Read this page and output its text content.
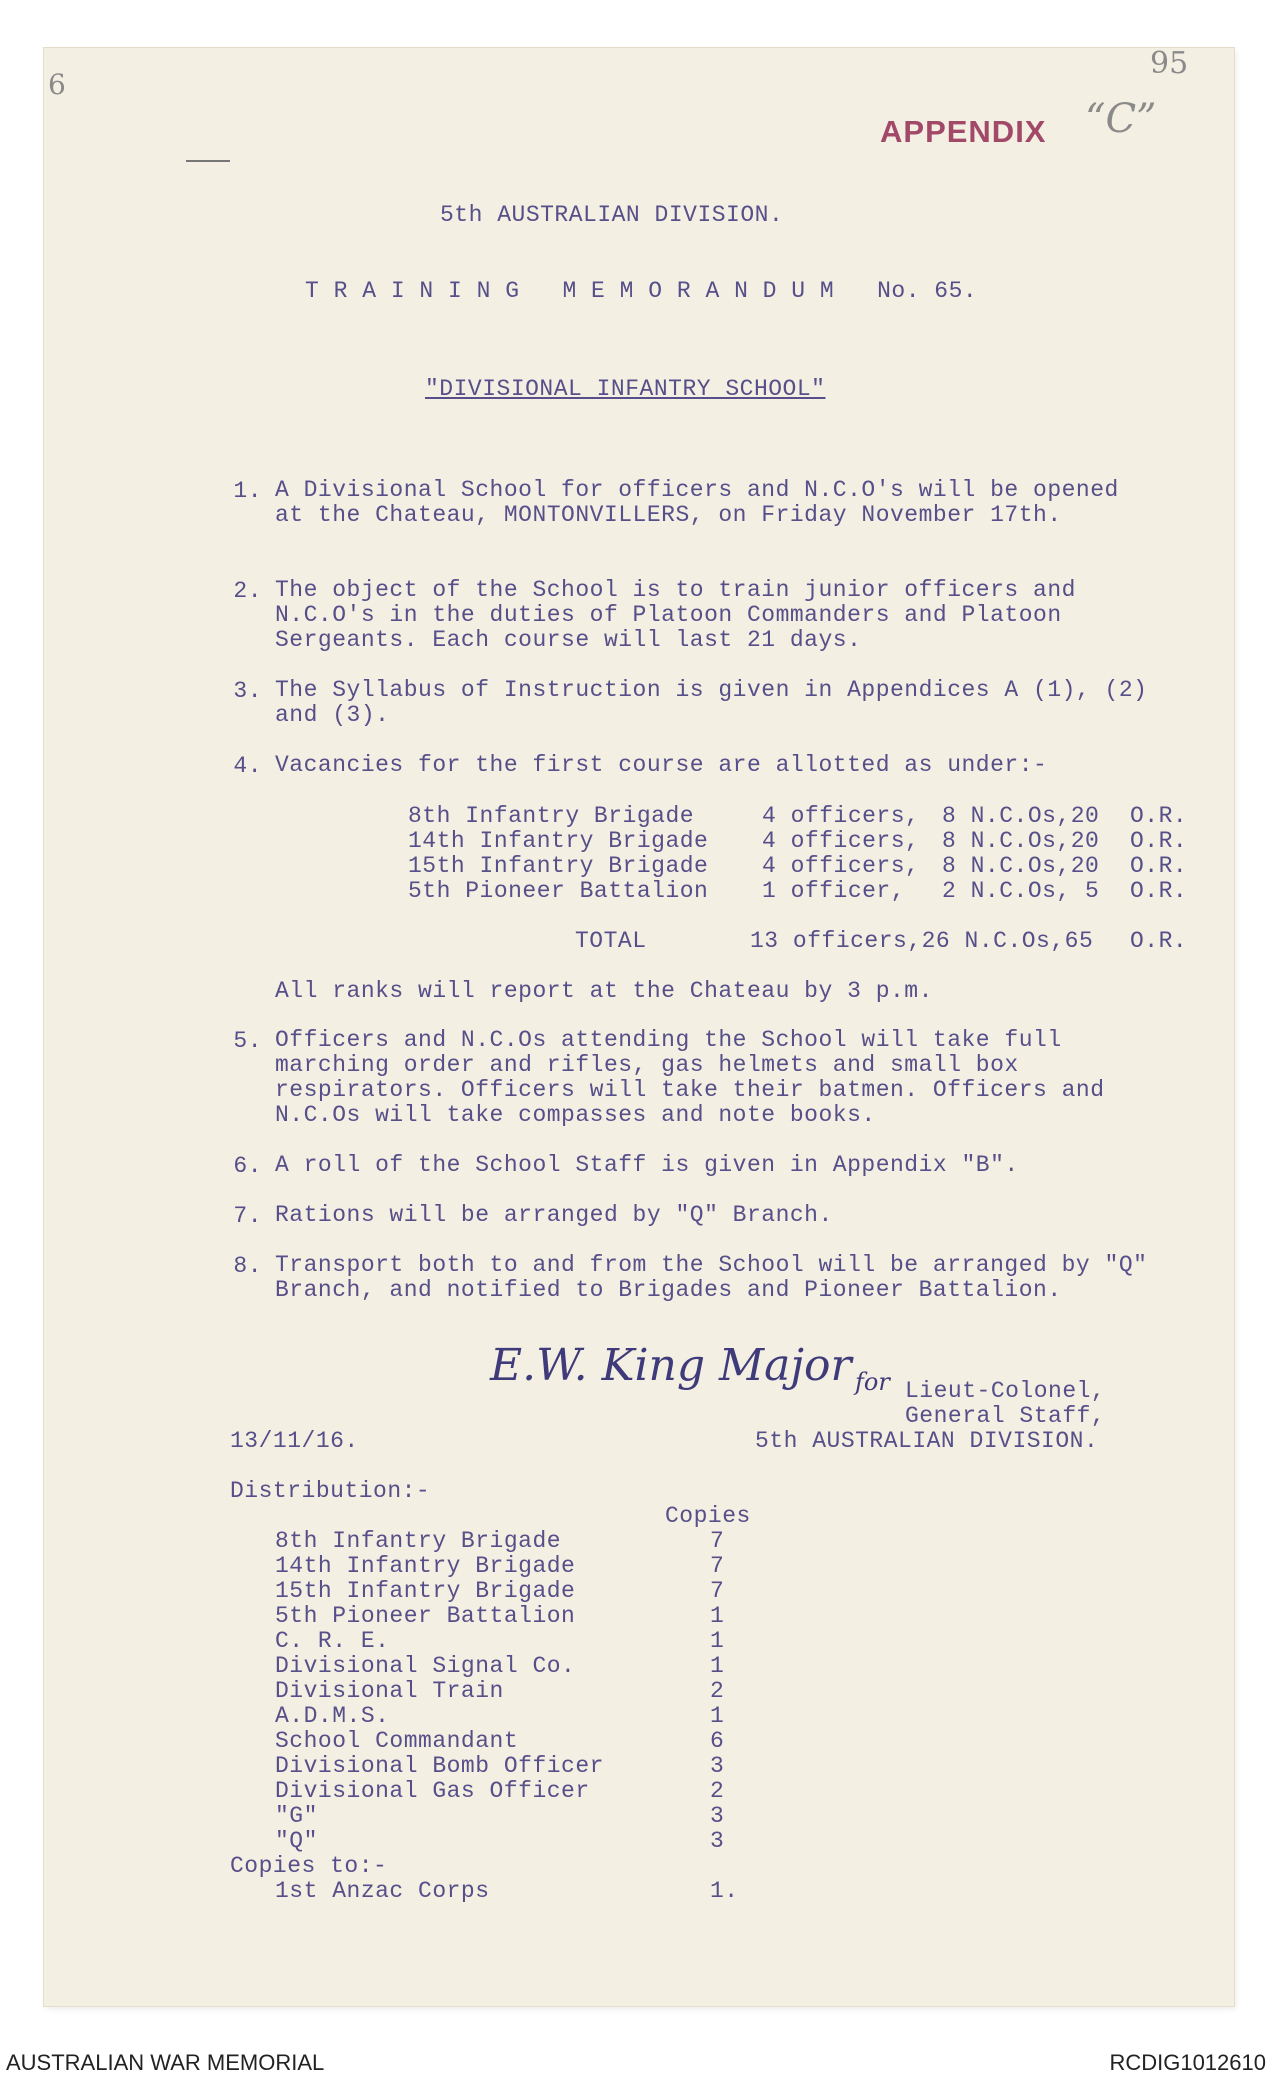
6
95
APPENDIX “C”
5th AUSTRALIAN DIVISION.
T R A I N I N G   M E M O R A N D U M   No. 65.
"DIVISIONAL INFANTRY SCHOOL"
1. A Divisional School for officers and N.C.O's will be opened at the Chateau, MONTONVILLERS, on Friday November 17th.
2. The object of the School is to train junior officers and N.C.O's in the duties of Platoon Commanders and Platoon Sergeants. Each course will last 21 days.
3. The Syllabus of Instruction is given in Appendices A (1), (2) and (3).
4. Vacancies for the first course are allotted as under:-
8th Infantry Brigade	4 officers, 8 N.C.Os,20 O.R.
14th Infantry Brigade 4 officers, 8 N.C.Os,20 O.R.
15th Infantry Brigade 4 officers, 8 N.C.Os,20 O.R.
5th Pioneer Battalion 1 officer, 2 N.C.Os, 5 O.R.
TOTAL	13 officers,26 N.C.Os,65 O.R.
All ranks will report at the Chateau by 3 p.m.
5. Officers and N.C.Os attending the School will take full marching order and rifles, gas helmets and small box respirators. Officers will take their batmen. Officers and N.C.Os will take compasses and note books.
6. A roll of the School Staff is given in Appendix "B".
7. Rations will be arranged by "Q" Branch.
8. Transport both to and from the School will be arranged by "Q" Branch, and notified to Brigades and Pioneer Battalion.
E.W. King Major for Lieut-Colonel,
General Staff,
13/11/16.	5th AUSTRALIAN DIVISION.
Distribution:-
Copies
8th Infantry Brigade	7
14th Infantry Brigade	7
15th Infantry Brigade	7
5th Pioneer Battalion	1
C. R. E.	1
Divisional Signal Co.	1
Divisional Train	2
A.D.M.S.	1
School Commandant	6
Divisional Bomb Officer	3
Divisional Gas Officer	2
"G"	3
"Q"	3
Copies to:-
1st Anzac Corps	1.
AUSTRALIAN WAR MEMORIAL	RCDIG1012610
